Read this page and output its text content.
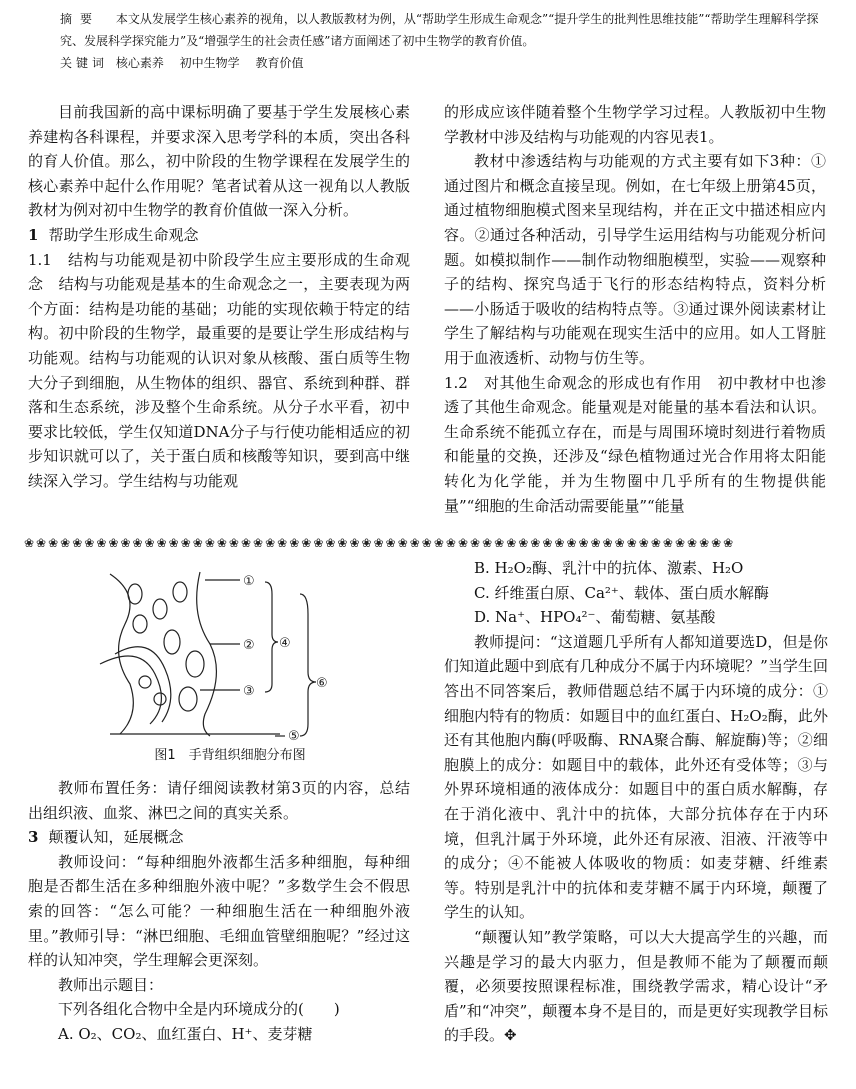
摘要 本文从发展学生核心素养的视角，以人教版教材为例，从“帮助学生形成生命观念”“提升学生的批判性思维技能”“帮助学生理解科学探究、发展科学探究能力”及“增强学生的社会责任感”诸方面阐述了初中生物学的教育价值。
关键词 核心素养 初中生物学 教育价值

目前我国新的高中课标明确了要基于学生发展核心素养建构各科课程，并要求深入思考学科的本质，突出各科的育人价值。那么，初中阶段的生物学课程在发展学生的核心素养中起什么作用呢？笔者试着从这一视角以人教版教材为例对初中生物学的教育价值做一深入分析。

1 帮助学生形成生命观念

1.1　结构与功能观是初中阶段学生应主要形成的生命观念　结构与功能观是基本的生命观念之一，主要表现为两个方面：结构是功能的基础；功能的实现依赖于特定的结构。初中阶段的生物学，最重要的是要让学生形成结构与功能观。结构与功能观的认识对象从核酸、蛋白质等生物大分子到细胞，从生物体的组织、器官、系统到种群、群落和生态系统，涉及整个生命系统。从分子水平看，初中要求比较低，学生仅知道DNA分子与行使功能相适应的初步知识就可以了，关于蛋白质和核酸等知识，要到高中继续深入学习。学生结构与功能观

的形成应该伴随着整个生物学学习过程。人教版初中生物学教材中涉及结构与功能观的内容见表1。

教材中渗透结构与功能观的方式主要有如下3种：①通过图片和概念直接呈现。例如，在七年级上册第45页，通过植物细胞模式图来呈现结构，并在正文中描述相应内容。②通过各种活动，引导学生运用结构与功能观分析问题。如模拟制作——制作动物细胞模型，实验——观察种子的结构、探究鸟适于飞行的形态结构特点，资料分析——小肠适于吸收的结构特点等。③通过课外阅读素材让学生了解结构与功能观在现实生活中的应用。如人工肾脏用于血液透析、动物与仿生等。

1.2　对其他生命观念的形成也有作用　初中教材中也渗透了其他生命观念。能量观是对能量的基本看法和认识。生命系统不能孤立存在，而是与周围环境时刻进行着物质和能量的交换，还涉及“绿色植物通过光合作用将太阳能转化为化学能，并为生物圈中几乎所有的生物提供能量”“细胞的生命活动需要能量”“能量

❀❀❀❀❀❀❀❀❀❀❀❀❀❀❀❀❀❀❀❀❀❀❀❀❀❀❀❀❀❀❀❀❀❀❀❀❀❀❀❀❀❀❀❀❀❀❀❀❀❀❀❀❀❀❀❀❀❀❀
①
②
③
④
⑤
⑥
图1　手背组织细胞分布图

教师布置任务：请仔细阅读教材第3页的内容，总结出组织液、血浆、淋巴之间的真实关系。

3 颠覆认知，延展概念

教师设问：“每种细胞外液都生活多种细胞，每种细胞是否都生活在多种细胞外液中呢？”多数学生会不假思索的回答：“怎么可能？一种细胞生活在一种细胞外液里。”教师引导：“淋巴细胞、毛细血管壁细胞呢？”经过这样的认知冲突，学生理解会更深刻。

教师出示题目：

下列各组化合物中全是内环境成分的(　　)

A. O₂、CO₂、血红蛋白、H⁺、麦芽糖

B. H₂O₂酶、乳汁中的抗体、激素、H₂O

C. 纤维蛋白原、Ca²⁺、载体、蛋白质水解酶

D. Na⁺、HPO₄²⁻、葡萄糖、氨基酸

教师提问：“这道题几乎所有人都知道要选D，但是你们知道此题中到底有几种成分不属于内环境呢？”当学生回答出不同答案后，教师借题总结不属于内环境的成分：①细胞内特有的物质：如题目中的血红蛋白、H₂O₂酶，此外还有其他胞内酶(呼吸酶、RNA聚合酶、解旋酶)等；②细胞膜上的成分：如题目中的载体，此外还有受体等；③与外界环境相通的液体成分：如题目中的蛋白质水解酶，存在于消化液中、乳汁中的抗体，大部分抗体存在于内环境，但乳汁属于外环境，此外还有尿液、泪液、汗液等中的成分；④不能被人体吸收的物质：如麦芽糖、纤维素等。特别是乳汁中的抗体和麦芽糖不属于内环境，颠覆了学生的认知。

“颠覆认知”教学策略，可以大大提高学生的兴趣，而兴趣是学习的最大内驱力，但是教师不能为了颠覆而颠覆，必须要按照课程标准，围绕教学需求，精心设计“矛盾”和“冲突”，颠覆本身不是目的，而是更好实现教学目标的手段。✥
